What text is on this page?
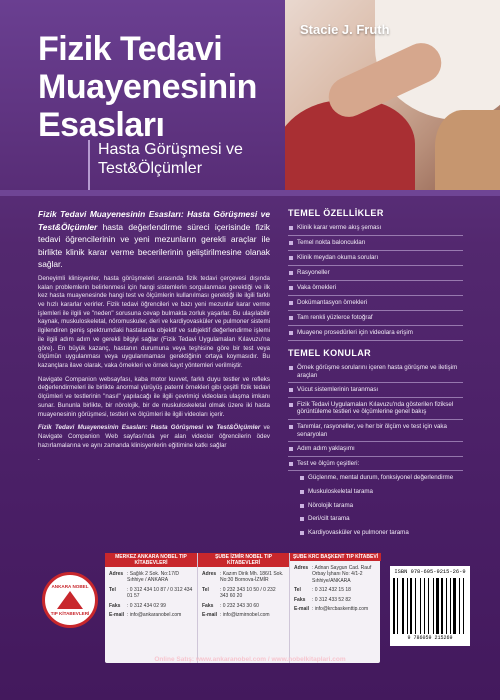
Stacie J. Fruth
Fizik Tedavi
Muayenesinin
Esasları
Hasta Görüşmesi ve
Test&Ölçümler

Fizik Tedavi Muayenesinin Esasları: Hasta Görüşmesi ve Test&Ölçümler hasta değerlendirme süreci içerisinde fizik tedavi öğrencilerinin ve yeni mezunların gerekli araçlar ile birlikte klinik karar verme becerilerinin geliştirilmesine olanak sağlar.

Deneyimli klinisyenler, hasta görüşmeleri sırasında fizik tedavi çerçevesi dışında kalan problemlerin belirlenmesi için hangi sistemlerin sorgulanması gerektiği ve ilk kez hasta muayenesinde hangi test ve ölçümlerin kullanılması gerektiği ile ilgili farklı ve hızlı kararlar verirler. Fizik tedavi öğrencileri ve bazı yeni mezunlar karar verme işlemleri ile ilgili ve "neden" sorusuna cevap bulmakta zorluk yaşarlar. Bu ulaşılabilir kaynak, muskuloskeletal, nöromuskuler, deri ve kardiyovasküler ve pulmoner sistemi ilgilendiren geniş spektrumdaki hastalarda objektif ve subjektif değerlendirme işlemi ile ilgili adım adım ve gerekli bilgiyi sağlar (Fizik Tedavi Uygulamaları Kılavuzu'na göre). En büyük kazanç, hastanın durumuna veya teşhisine göre bir test veya ölçümün uygulanması veya uygulanmaması gerektiğinin ortaya koymasıdır. Bu kazançlara ilave olarak, vaka örnekleri ve örnek kayıt yöntemleri verilmiştir.

Navigate Companion websayfası, kaba motor kuvvet, farklı duyu testler ve refleks değerlendirmeleri ile birlikte anormal yürüyüş paternl örnekleri gibi çeşitli fizik tedavi ölçümleri ve testlerinin "nasıl" yapılacağı ile ilgili çevrimiçi videolara ulaşma imkanı sunar. Bununla birlikte, bir nörolojik, bir de muskuloskeletal olmak üzere iki hasta muayenesinin görüşmesi, testleri ve ölçümleri ile ilgili videoları içerir.

Fizik Tedavi Muayenesinin Esasları: Hasta Görüşmesi ve Test&Ölçümler ve Navigate Companion Web sayfası'nda yer alan videolar öğrencilerin ödev hazırlamalarına ve aynı zamanda klinisyenlerin eğitimine katkı sağlar

.

TEMEL ÖZELLİKLER
Klinik karar verme akış şeması
Temel nokta baloncukları
Klinik meydan okuma soruları
Rasyoneller
Vaka örnekleri
Dokümantasyon örnekleri
Tam renkli yüzlerce fotoğraf
Muayene prosedürleri için videolara erişim
TEMEL KONULAR
Örnek görüşme sorularını içeren hasta görüşme ve iletişim araçları
Vücut sistemlerinin taranması
Fizik Tedavi Uygulamaları Kılavuzu'nda gösterilen fiziksel görüntüleme testleri ve ölçümlerine genel bakış
Tanımlar, rasyoneller, ve her bir ölçüm ve test için vaka senaryoları
Adım adım yaklaşımı
Test ve ölçüm çeşitleri:
Güçlenme, mental durum, fonksiyonel değerlendirme
Muskuloskeletal tarama
Nörolojik tarama
Deri/cilt tarama
Kardiyovasküler ve pulmoner tarama
ANKARA NOBEL
TIP KİTABEVLERİ
MERKEZ ANKARA NOBEL TIP KİTABEVLERİ
Adres : Sağlık 2 Sok. No:17/D Sıhhiye / ANKARA
Tel	: 0 312 434 10 87 / 0 312 434 01 57
Faks	: 0 312 434 02 99
E-mail : info@ankaranobel.com
ŞUBE İZMİR NOBEL TIP KİTABEVLERİ
Adres : Kazım Dirik Mh. 186/1 Sok. No:30 Bornova-İZMİR
Tel	: 0 232 343 10 50 / 0 232 343 60 20
Faks	: 0 232 343 30 60
E-mail : info@izmirnobel.com
ŞUBE KRC BAŞKENT TIP KİTABEVİ
Adres : Adnan Saygun Cad. Rauf Orbay İşhanı No: 4/1-2 Sıhhiye/ANKARA
Tel	: 0 312 432 15 18
Faks	: 0 312 433 52 82
E-mail : info@krcbaskenttip.com
ISBN 978-605-9215-26-9
9 786059 215269
Online Satış: www.ankaranobel.com / www.nobelkitaplari.com
